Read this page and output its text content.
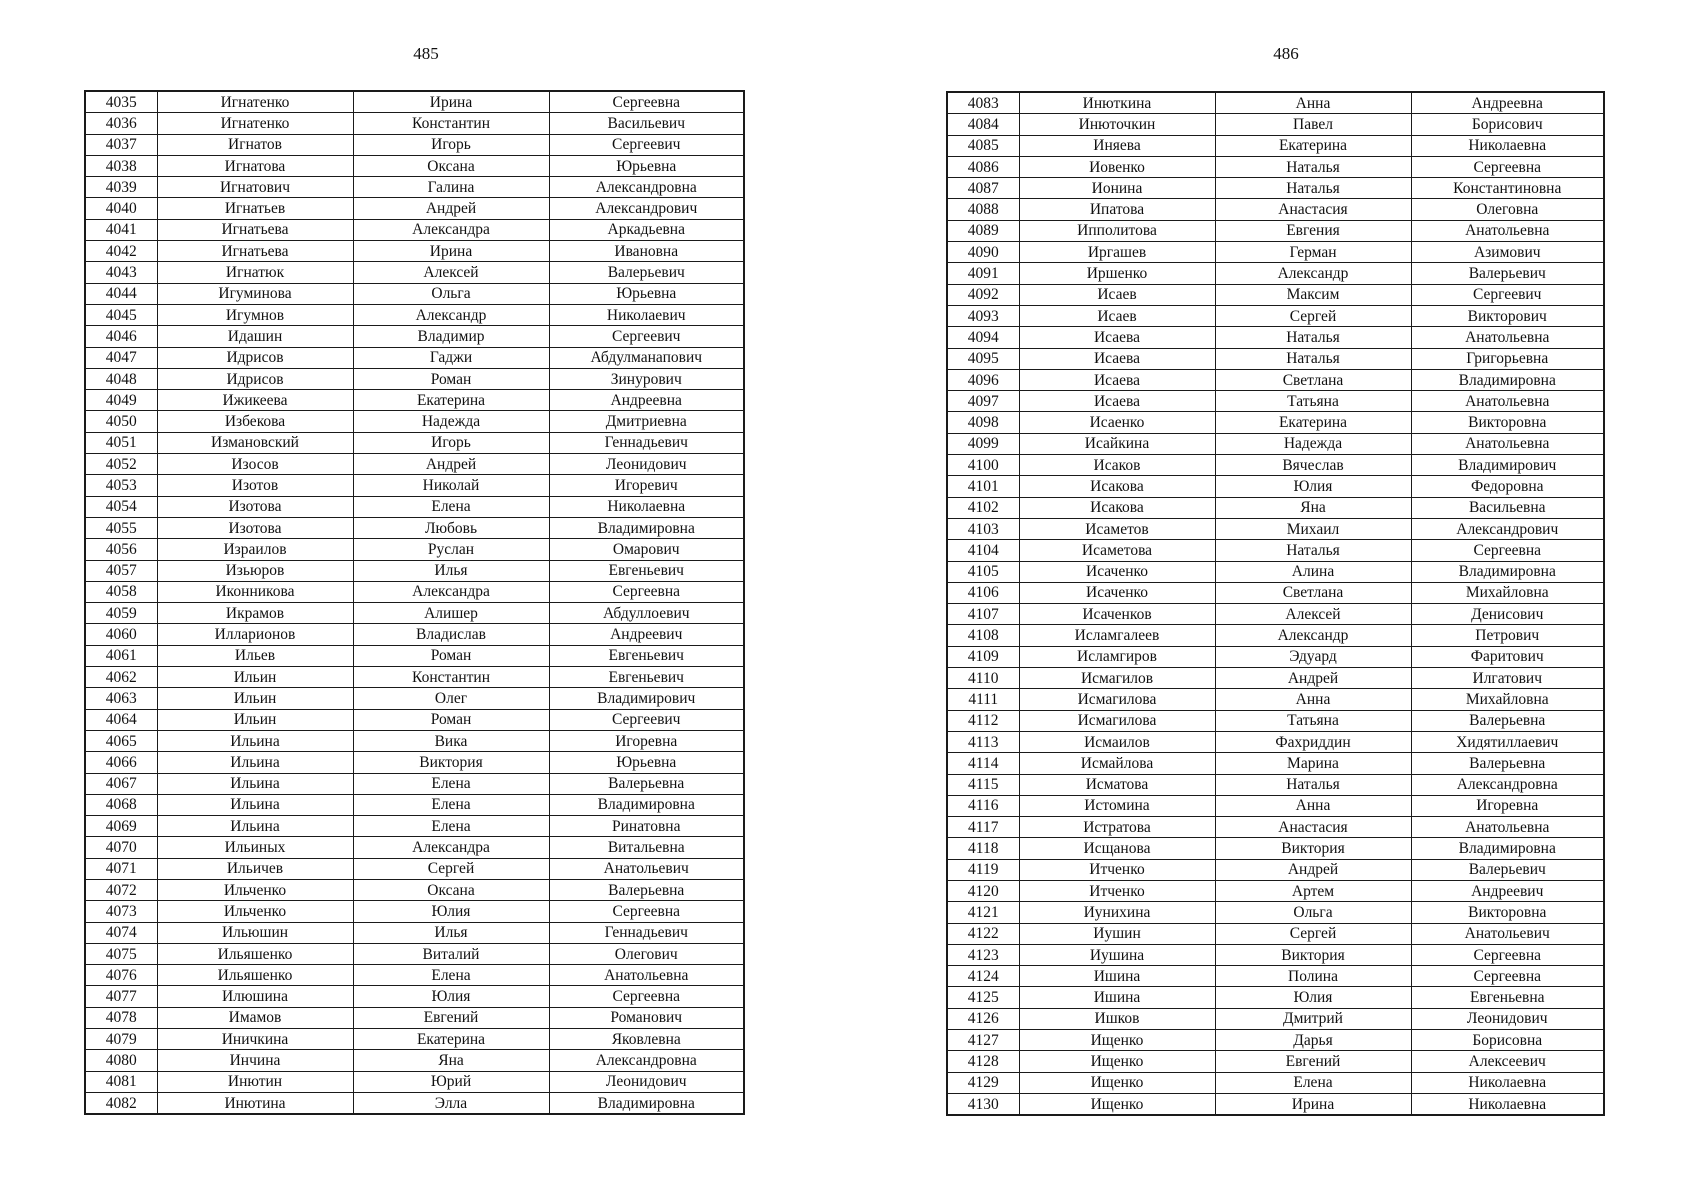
485	486
4035	Игнатенко	Ирина	Сергеевна
4036	Игнатенко	Константин	Васильевич
4037	Игнатов	Игорь	Сергеевич
4038	Игнатова	Оксана	Юрьевна
4039	Игнатович	Галина	Александровна
4040	Игнатьев	Андрей	Александрович
4041	Игнатьева	Александра	Аркадьевна
4042	Игнатьева	Ирина	Ивановна
4043	Игнатюк	Алексей	Валерьевич
4044	Игуминова	Ольга	Юрьевна
4045	Игумнов	Александр	Николаевич
4046	Идашин	Владимир	Сергеевич
4047	Идрисов	Гаджи	Абдулманапович
4048	Идрисов	Роман	Зинурович
4049	Ижикеева	Екатерина	Андреевна
4050	Избекова	Надежда	Дмитриевна
4051	Измановский	Игорь	Геннадьевич
4052	Изосов	Андрей	Леонидович
4053	Изотов	Николай	Игоревич
4054	Изотова	Елена	Николаевна
4055	Изотова	Любовь	Владимировна
4056	Израилов	Руслан	Омарович
4057	Изьюров	Илья	Евгеньевич
4058	Иконникова	Александра	Сергеевна
4059	Икрамов	Алишер	Абдуллоевич
4060	Илларионов	Владислав	Андреевич
4061	Ильев	Роман	Евгеньевич
4062	Ильин	Константин	Евгеньевич
4063	Ильин	Олег	Владимирович
4064	Ильин	Роман	Сергеевич
4065	Ильина	Вика	Игоревна
4066	Ильина	Виктория	Юрьевна
4067	Ильина	Елена	Валерьевна
4068	Ильина	Елена	Владимировна
4069	Ильина	Елена	Ринатовна
4070	Ильиных	Александра	Витальевна
4071	Ильичев	Сергей	Анатольевич
4072	Ильченко	Оксана	Валерьевна
4073	Ильченко	Юлия	Сергеевна
4074	Ильюшин	Илья	Геннадьевич
4075	Ильяшенко	Виталий	Олегович
4076	Ильяшенко	Елена	Анатольевна
4077	Илюшина	Юлия	Сергеевна
4078	Имамов	Евгений	Романович
4079	Иничкина	Екатерина	Яковлевна
4080	Инчина	Яна	Александровна
4081	Инютин	Юрий	Леонидович
4082	Инютина	Элла	Владимировна
4083	Инюткина	Анна	Андреевна
4084	Инюточкин	Павел	Борисович
4085	Иняева	Екатерина	Николаевна
4086	Иовенко	Наталья	Сергеевна
4087	Ионина	Наталья	Константиновна
4088	Ипатова	Анастасия	Олеговна
4089	Ипполитова	Евгения	Анатольевна
4090	Иргашев	Герман	Азимович
4091	Иршенко	Александр	Валерьевич
4092	Исаев	Максим	Сергеевич
4093	Исаев	Сергей	Викторович
4094	Исаева	Наталья	Анатольевна
4095	Исаева	Наталья	Григорьевна
4096	Исаева	Светлана	Владимировна
4097	Исаева	Татьяна	Анатольевна
4098	Исаенко	Екатерина	Викторовна
4099	Исайкина	Надежда	Анатольевна
4100	Исаков	Вячеслав	Владимирович
4101	Исакова	Юлия	Федоровна
4102	Исакова	Яна	Васильевна
4103	Исаметов	Михаил	Александрович
4104	Исаметова	Наталья	Сергеевна
4105	Исаченко	Алина	Владимировна
4106	Исаченко	Светлана	Михайловна
4107	Исаченков	Алексей	Денисович
4108	Исламгалеев	Александр	Петрович
4109	Исламгиров	Эдуард	Фаритович
4110	Исмагилов	Андрей	Илгатович
4111	Исмагилова	Анна	Михайловна
4112	Исмагилова	Татьяна	Валерьевна
4113	Исмаилов	Фахриддин	Хидятиллаевич
4114	Исмайлова	Марина	Валерьевна
4115	Исматова	Наталья	Александровна
4116	Истомина	Анна	Игоревна
4117	Истратова	Анастасия	Анатольевна
4118	Исщанова	Виктория	Владимировна
4119	Итченко	Андрей	Валерьевич
4120	Итченко	Артем	Андреевич
4121	Иунихина	Ольга	Викторовна
4122	Иушин	Сергей	Анатольевич
4123	Иушина	Виктория	Сергеевна
4124	Ишина	Полина	Сергеевна
4125	Ишина	Юлия	Евгеньевна
4126	Ишков	Дмитрий	Леонидович
4127	Ищенко	Дарья	Борисовна
4128	Ищенко	Евгений	Алексеевич
4129	Ищенко	Елена	Николаевна
4130	Ищенко	Ирина	Николаевна
